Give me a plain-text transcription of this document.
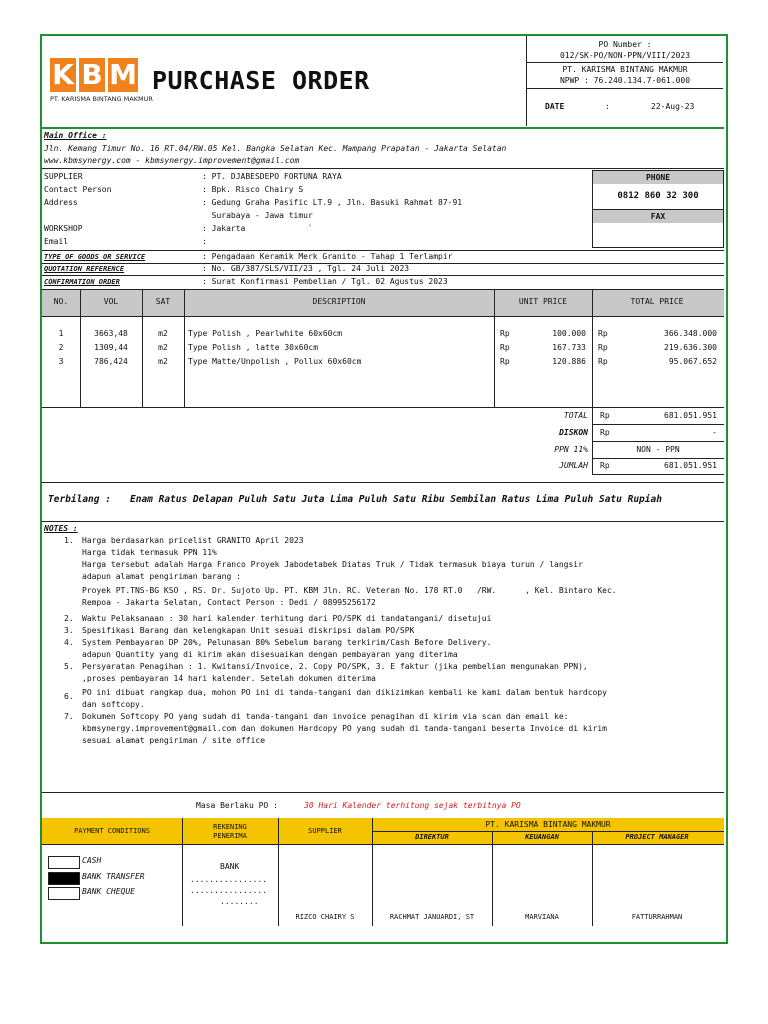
K B M
PT. KARISMA BINTANG MAKMUR
PURCHASE ORDER
PO Number :
012/SK-PO/NON-PPN/VIII/2023
PT. KARISMA BINTANG MAKMUR
NPWP : 76.240.134.7-061.000
DATE	:	22-Aug-23
Main Office :
Jln. Kemang Timur No. 16 RT.04/RW.05 Kel. Bangka Selatan Kec. Mampang Prapatan - Jakarta Selatan
www.kbmsynergy.com - kbmsynergy.improvement@gmail.com
SUPPLIER	: PT. DJABESDEPO FORTUNA RAYA
Contact Person	: Bpk. Risco Chairy S
Address	: Gedung Graha Pasific LT.9 , Jln. Basuki Rahmat 87-91
Surabaya - Jawa timur
WORKSHOP	: Jakarta             `
Email	:
PHONE
0812 860 32 300
FAX
TYPE OF GOODS OR SERVICE	: Pengadaan Keramik Merk Granito - Tahap 1 Terlampir
QUOTATION REFERENCE	: No. GB/387/SLS/VII/23 , Tgl. 24 Juli 2023
CONFIRMATION ORDER	: Surat Konfirmasi Pembelian / Tgl. 02 Agustus 2023
NO.	VOL	SAT	DESCRIPTION	UNIT PRICE	TOTAL PRICE
1	3663,48	m2	Type Polish , Pearlwhite 60x60cm	Rp	100.000 Rp	366.348.000
2	1309,44	m2	Type Polish , latte 30x60cm	Rp	167.733 Rp	219.636.300
3	786,424	m2	Type Matte/Unpolish , Pollux 60x60cm	Rp	120.886 Rp	95.067.652
TOTAL Rp	681.051.951
DISKON Rp	-
PPN 11%	NON - PPN
JUMLAH Rp	681.051.951
Terbilang : Enam Ratus Delapan Puluh Satu Juta Lima Puluh Satu Ribu Sembilan Ratus Lima Puluh Satu Rupiah
NOTES :
1. Harga berdasarkan pricelist GRANITO April 2023
Harga tidak termasuk PPN 11%
Harga tersebut adalah Harga Franco Proyek Jabodetabek Diatas Truk / Tidak termasuk biaya turun / langsir
adapun alamat pengiriman barang :
Proyek PT.TNS-BG KSO , RS. Dr. Sujoto Up. PT. KBM Jln. RC. Veteran No. 178 RT.0   /RW.      , Kel. Bintaro Kec.
Rempoa - Jakarta Selatan, Contact Person : Dedi / 08995256172
2. Waktu Pelaksanaan : 30 hari kalender terhitung dari PO/SPK di tandatangani/ disetujui
3. Spesifikasi Barang dan kelengkapan Unit sesuai diskripsi dalam PO/SPK
4. System Pembayaran DP 20%, Pelunasan 80% Sebelum barang terkirim/Cash Before Delivery.
adapun Quantity yang di kirim akan disesuaikan dengan pembayaran yang diterima
5. Persyaratan Penagihan : 1. Kwitansi/Invoice, 2. Copy PO/SPK, 3. E faktur (jika pembelian mengunakan PPN),
,proses pembayaran 14 hari kalender. Setelah dokumen diterima
6. PO ini dibuat rangkap dua, mohon PO ini di tanda-tangani dan dikizimkan kembali ke kami dalam bentuk hardcopy
dan softcopy.
7. Dokumen Softcopy PO yang sudah di tanda-tangani dan invoice penagihan di kirim via scan dan email ke:
kbmsynergy.improvement@gmail.com dan dokumen Hardcopy PO yang sudah di tanda-tangani beserta Invoice di kirim
sesuai alamat pengiriman / site office
Masa Berlaku PO :	30 Hari Kalender terhitung sejak terbitnya PO
PAYMENT CONDITIONS	REKENING
PENERIMA
SUPPLIER
PT. KARISMA BINTANG MAKMUR
DIREKTUR	KEUANGAN	PROJECT MANAGER
CASH
BANK TRANSFER
BANK CHEQUE
BANK
................
................
........
RIZCO CHAIRY S	RACHMAT JANUARDI, ST	MARVIANA	FATTURRAHMAN
